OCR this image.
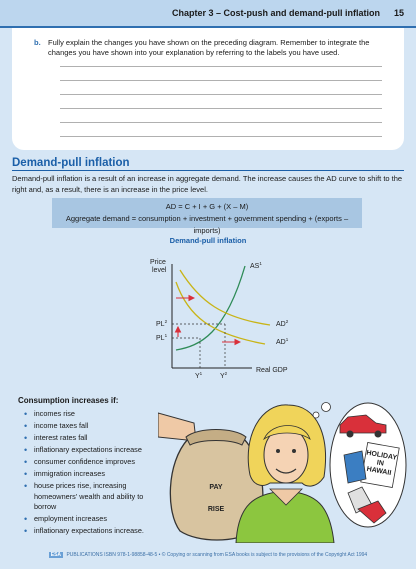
Chapter 3 – Cost-push and demand-pull inflation 15
b. Fully explain the changes you have shown on the preceding diagram. Remember to integrate the changes you have shown into your explanation by referring to the labels you have used.

Demand-pull inflation

Demand-pull inflation is a result of an increase in aggregate demand. The increase causes the AD curve to shift to the right and, as a result, there is an increase in the price level.

AD = C + I + G + (X – M)
Aggregate demand = consumption + investment + government spending + (exports – imports)
Demand-pull inflation
Price
level
Real GDP
$AS^1$
$AD^2$
$AD^1$
$PL^2$
$PL^1$
$Y^1$	$Y^2$
Consumption increases if:
• incomes rise
• income taxes fall
• interest rates fall
• inflationary expectations increase
• consumer confidence improves
• immigration increases
• house prices rise, increasing homeowners' wealth and ability to borrow
• employment increases
• inflationary expectations increase.
PAY
RISE
HOLIDAY
IN
HAWAII
ESA PUBLICATIONS ISBN 978-1-98858-48-5 • © Copying or scanning from ESA books is subject to the provisions of the Copyright Act 1994
